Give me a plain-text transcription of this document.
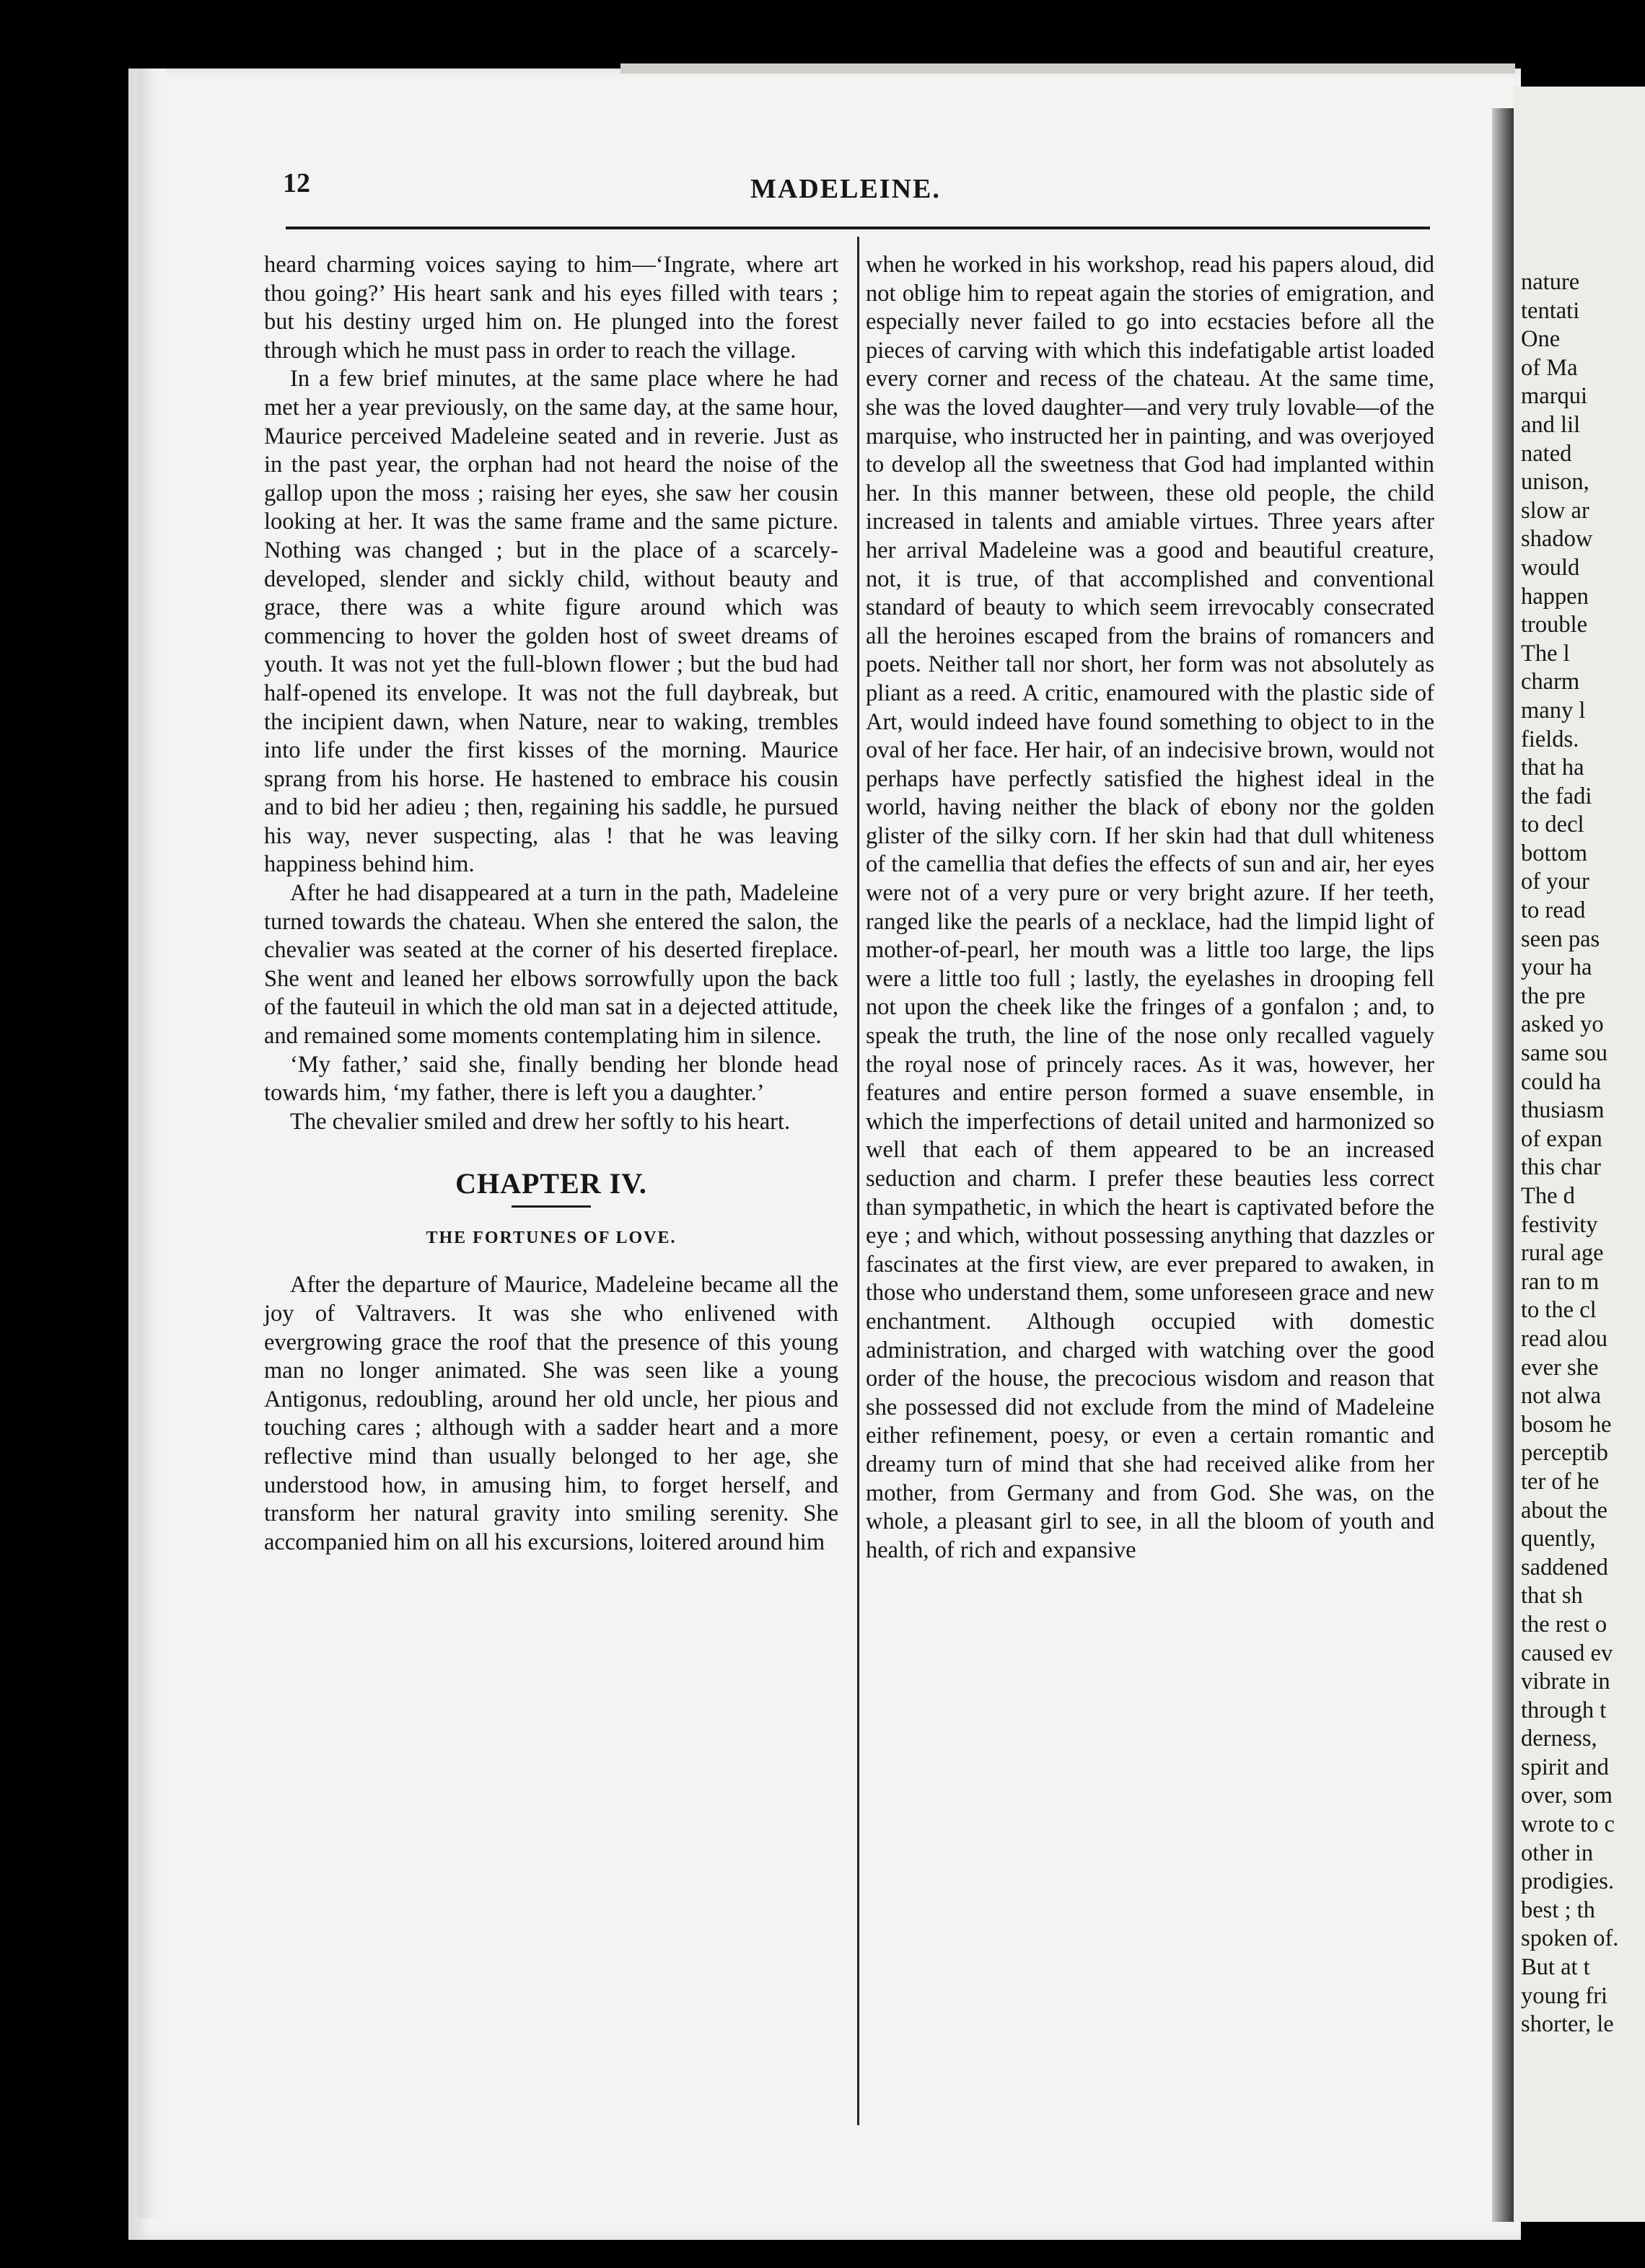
nature
tentati
One
of Ma
marqui
and lil
nated
unison,
slow ar
shadow
would
happen
trouble
The l
charm
many l
fields.
that ha
the fadi
to decl
bottom
of your
to read
seen pas
your ha
the pre
asked yo
same sou
could ha
thusiasm
of expan
this char
The d
festivity
rural age
ran to m
to the cl
read alou
ever she
not alwa
bosom he
perceptib
ter of he
about the
quently,
saddened
that sh
the rest o
caused ev
vibrate in
through t
derness,
spirit and
over, som
wrote to c
other in
prodigies.
best ; th
spoken of.
But at t
young fri
shorter, le
12	MADELEINE.

heard charming voices saying to him—‘Ingrate, where art thou going?’ His heart sank and his eyes filled with tears ; but his destiny urged him on. He plunged into the forest through which he must pass in order to reach the village.

In a few brief minutes, at the same place where he had met her a year previously, on the same day, at the same hour, Maurice perceived Madeleine seated and in reverie. Just as in the past year, the orphan had not heard the noise of the gallop upon the moss ; raising her eyes, she saw her cousin looking at her. It was the same frame and the same picture. Nothing was changed ; but in the place of a scarcely-developed, slender and sickly child, without beauty and grace, there was a white figure around which was commencing to hover the golden host of sweet dreams of youth. It was not yet the full-blown flower ; but the bud had half-opened its envelope. It was not the full daybreak, but the incipient dawn, when Nature, near to waking, trembles into life under the first kisses of the morning. Maurice sprang from his horse. He hastened to embrace his cousin and to bid her adieu ; then, regaining his saddle, he pursued his way, never suspecting, alas ! that he was leaving happiness behind him.

After he had disappeared at a turn in the path, Madeleine turned towards the chateau. When she entered the salon, the chevalier was seated at the corner of his deserted fireplace. She went and leaned her elbows sorrowfully upon the back of the fauteuil in which the old man sat in a dejected attitude, and remained some moments contemplating him in silence.

‘My father,’ said she, finally bending her blonde head towards him, ‘my father, there is left you a daughter.’

The chevalier smiled and drew her softly to his heart.

CHAPTER IV.
THE FORTUNES OF LOVE.

After the departure of Maurice, Madeleine became all the joy of Valtravers. It was she who enlivened with evergrowing grace the roof that the presence of this young man no longer animated. She was seen like a young Antigonus, redoubling, around her old uncle, her pious and touching cares ; although with a sadder heart and a more reflective mind than usually belonged to her age, she understood how, in amusing him, to forget herself, and transform her natural gravity into smiling serenity. She accompanied him on all his excursions, loitered around him

when he worked in his workshop, read his papers aloud, did not oblige him to repeat again the stories of emigration, and especially never failed to go into ecstacies before all the pieces of carving with which this indefatigable artist loaded every corner and recess of the chateau. At the same time, she was the loved daughter—and very truly lovable—of the marquise, who instructed her in painting, and was overjoyed to develop all the sweetness that God had implanted within her. In this manner between, these old people, the child increased in talents and amiable virtues. Three years after her arrival Madeleine was a good and beautiful creature, not, it is true, of that accomplished and conventional standard of beauty to which seem irrevocably consecrated all the heroines escaped from the brains of romancers and poets. Neither tall nor short, her form was not absolutely as pliant as a reed. A critic, enamoured with the plastic side of Art, would indeed have found something to object to in the oval of her face. Her hair, of an indecisive brown, would not perhaps have perfectly satisfied the highest ideal in the world, having neither the black of ebony nor the golden glister of the silky corn. If her skin had that dull whiteness of the camellia that defies the effects of sun and air, her eyes were not of a very pure or very bright azure. If her teeth, ranged like the pearls of a necklace, had the limpid light of mother-of-pearl, her mouth was a little too large, the lips were a little too full ; lastly, the eyelashes in drooping fell not upon the cheek like the fringes of a gonfalon ; and, to speak the truth, the line of the nose only recalled vaguely the royal nose of princely races. As it was, however, her features and entire person formed a suave ensemble, in which the imperfections of detail united and harmonized so well that each of them appeared to be an increased seduction and charm. I prefer these beauties less correct than sympathetic, in which the heart is captivated before the eye ; and which, without possessing anything that dazzles or fascinates at the first view, are ever prepared to awaken, in those who understand them, some unforeseen grace and new enchantment. Although occupied with domestic administration, and charged with watching over the good order of the house, the precocious wisdom and reason that she possessed did not exclude from the mind of Madeleine either refinement, poesy, or even a certain romantic and dreamy turn of mind that she had received alike from her mother, from Germany and from God. She was, on the whole, a pleasant girl to see, in all the bloom of youth and health, of rich and expansive
